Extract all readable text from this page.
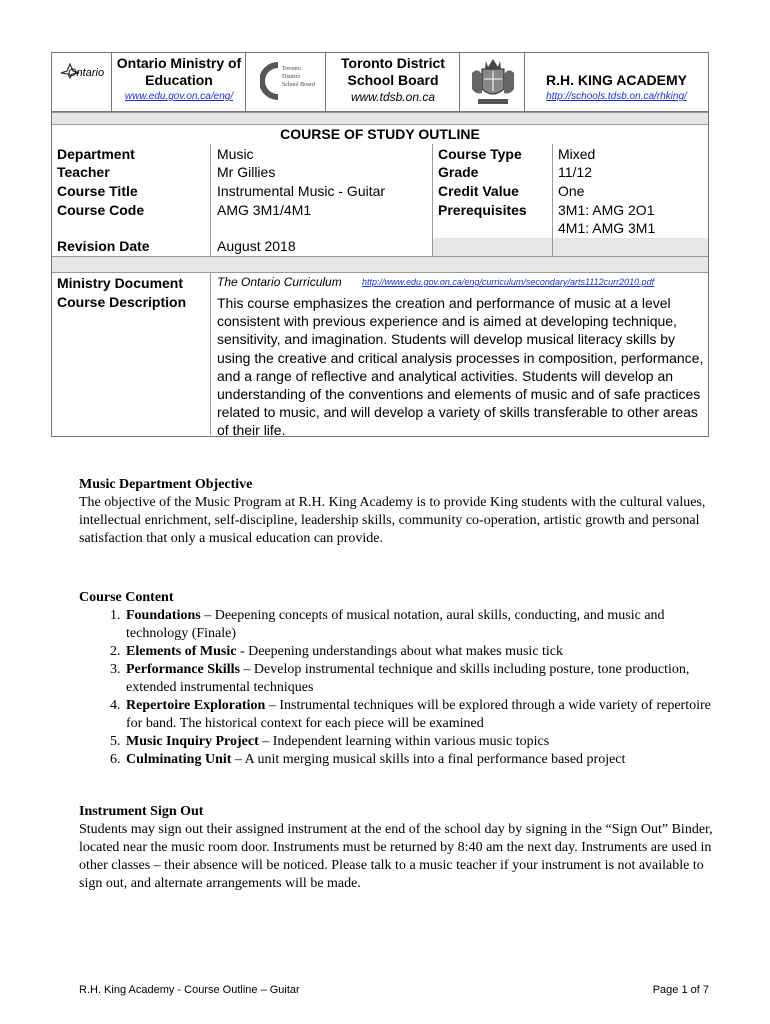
Ontario
Ontario Ministry of Education
www.edu.gov.on.ca/eng/
Toronto District School Board
Toronto District School Board
www.tdsb.on.ca
R.H. KING ACADEMY
http://schools.tdsb.on.ca/rhking/
COURSE OF STUDY OUTLINE
Department	Music	Course Type	Mixed
Teacher	Mr Gillies	Grade	11/12
Course Title	Instrumental Music - Guitar	Credit Value	One
Course Code	AMG 3M1/4M1	Prerequisites 3M1: AMG 2O1
4M1: AMG 3M1
Revision Date	August 2018
Ministry Document	The Ontario Curriculum http://www.edu.gov.on.ca/eng/curriculum/secondary/arts1112curr2010.pdf
Course Description This course emphasizes the creation and performance of music at a level consistent with previous experience and is aimed at developing technique, sensitivity, and imagination. Students will develop musical literacy skills by using the creative and critical analysis processes in composition, performance, and a range of reflective and analytical activities. Students will develop an understanding of the conventions and elements of music and of safe practices related to music, and will develop a variety of skills transferable to other areas of their life.
Music Department Objective
The objective of the Music Program at R.H. King Academy is to provide King students with the cultural values, intellectual enrichment, self-discipline, leadership skills, community co-operation, artistic growth and personal satisfaction that only a musical education can provide.
Course Content
1. Foundations – Deepening concepts of musical notation, aural skills, conducting, and music and technology (Finale)
2. Elements of Music - Deepening understandings about what makes music tick
3. Performance Skills – Develop instrumental technique and skills including posture, tone production, extended instrumental techniques
4. Repertoire Exploration – Instrumental techniques will be explored through a wide variety of repertoire for band. The historical context for each piece will be examined
5. Music Inquiry Project – Independent learning within various music topics
6. Culminating Unit – A unit merging musical skills into a final performance based project
Instrument Sign Out
Students may sign out their assigned instrument at the end of the school day by signing in the “Sign Out” Binder, located near the music room door. Instruments must be returned by 8:40 am the next day. Instruments are used in other classes – their absence will be noticed. Please talk to a music teacher if your instrument is not available to sign out, and alternate arrangements will be made.
R.H. King Academy - Course Outline – Guitar	Page 1 of 7
